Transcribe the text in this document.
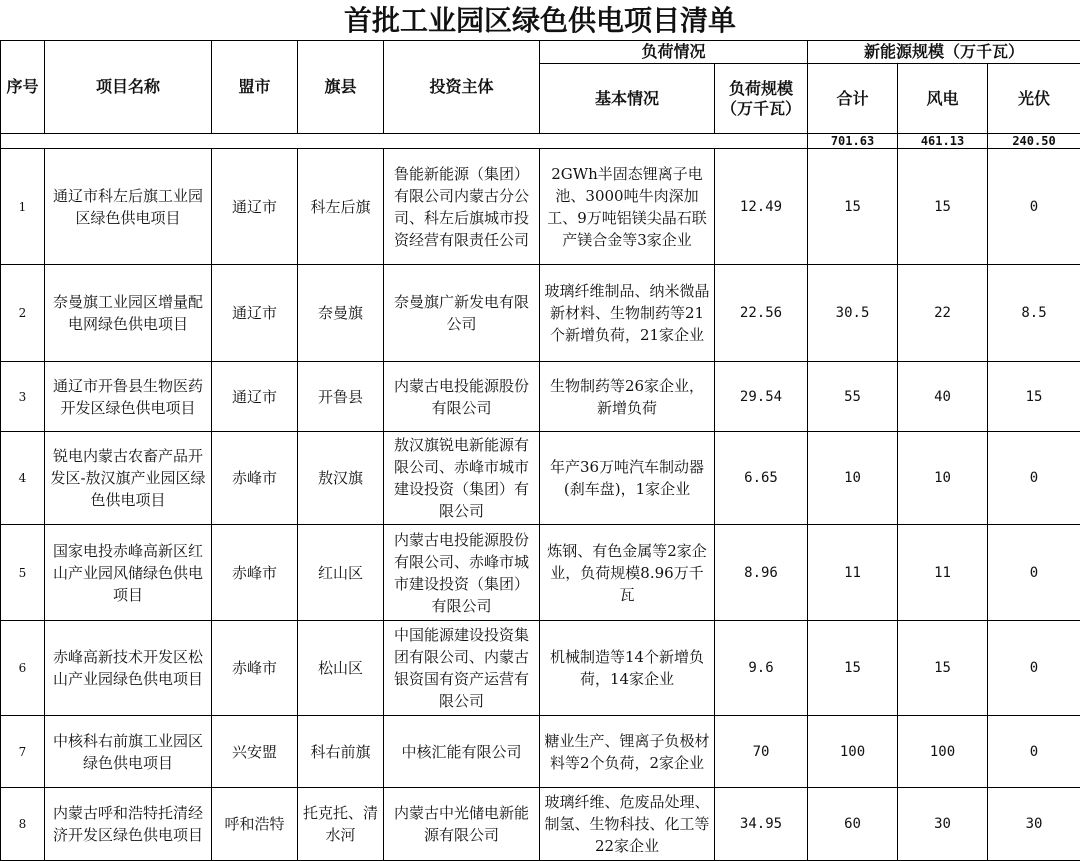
首批工业园区绿色供电项目清单
序号	项目名称	盟市	旗县	投资主体	负荷情况		新能源规模（万千瓦）		
					基本情况	负荷规模（万千瓦）	合计	风电	光伏
							701.63	461.13	240.50
1	通辽市科左后旗工业园区绿色供电项目	通辽市	科左后旗	鲁能新能源（集团）有限公司内蒙古分公司、科左后旗城市投资经营有限责任公司	2GWh半固态锂离子电池、3000吨牛肉深加工、9万吨铝镁尖晶石联产镁合金等3家企业	12.49	15	15	0
2	奈曼旗工业园区增量配电网绿色供电项目	通辽市	奈曼旗	奈曼旗广新发电有限公司	玻璃纤维制品、纳米微晶新材料、生物制药等21个新增负荷，21家企业	22.56	30.5	22	8.5
3	通辽市开鲁县生物医药开发区绿色供电项目	通辽市	开鲁县	内蒙古电投能源股份有限公司	生物制药等26家企业，新增负荷	29.54	55	40	15
4	锐电内蒙古农畜产品开发区-敖汉旗产业园区绿色供电项目	赤峰市	敖汉旗	敖汉旗锐电新能源有限公司、赤峰市城市建设投资（集团）有限公司	年产36万吨汽车制动器(刹车盘)，1家企业	6.65	10	10	0
5	国家电投赤峰高新区红山产业园风储绿色供电项目	赤峰市	红山区	内蒙古电投能源股份有限公司、赤峰市城市建设投资（集团）有限公司	炼钢、有色金属等2家企业，负荷规模8.96万千瓦	8.96	11	11	0
6	赤峰高新技术开发区松山产业园绿色供电项目	赤峰市	松山区	中国能源建设投资集团有限公司、内蒙古银资国有资产运营有限公司	机械制造等14个新增负荷，14家企业	9.6	15	15	0
7	中核科右前旗工业园区绿色供电项目	兴安盟	科右前旗	中核汇能有限公司	糖业生产、锂离子负极材料等2个负荷，2家企业	70	100	100	0
8	内蒙古呼和浩特托清经济开发区绿色供电项目	呼和浩特	托克托、清水河	内蒙古中光储电新能源有限公司	玻璃纤维、危废品处理、制氢、生物科技、化工等22家企业	34.95	60	30	30
